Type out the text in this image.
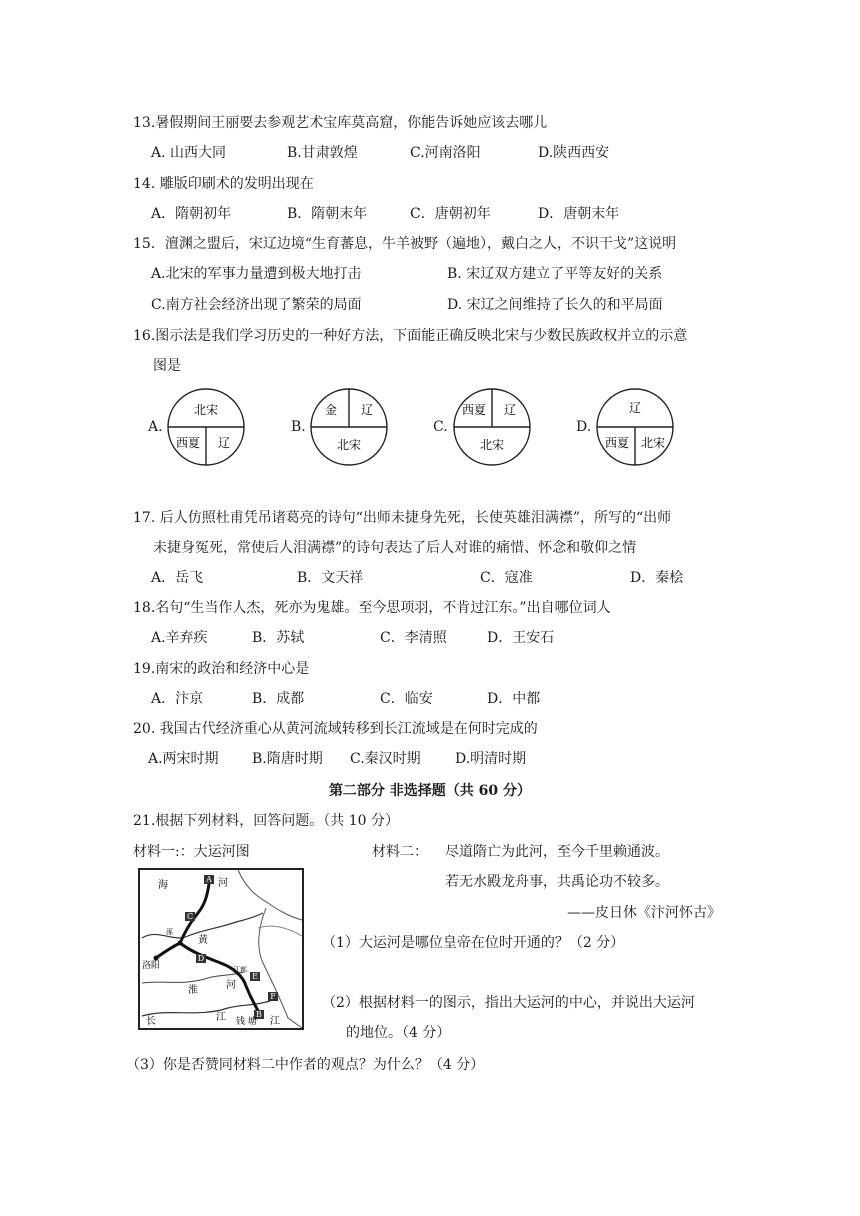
13.暑假期间王丽要去参观艺术宝库莫高窟，你能告诉她应该去哪儿
A. 山西大同	B.甘肃敦煌	C.河南洛阳	D.陕西西安
14. 雕版印刷术的发明出现在
A．隋朝初年	B．隋朝末年	C．唐朝初年	D．唐朝末年
15．澶渊之盟后，宋辽边境“生育蕃息，牛羊被野（遍地），戴白之人，不识干戈”这说明
A.北宋的军事力量遭到极大地打击	B. 宋辽双方建立了平等友好的关系
C.南方社会经济出现了繁荣的局面	D. 宋辽之间维持了长久的和平局面
16.图示法是我们学习历史的一种好方法，下面能正确反映北宋与少数民族政权并立的示意
图是
A.
北宋
西夏 辽
B.
金 辽
北宋
C.
西夏 辽
北宋
D.
辽
西夏 北宋
17. 后人仿照杜甫凭吊诸葛亮的诗句“出师未捷身先死，长使英雄泪满襟”，所写的“出师
未捷身冤死，常使后人泪满襟”的诗句表达了后人对谁的痛惜、怀念和敬仰之情
A．岳飞	B．文天祥	C．寇准	D．秦桧
18.名句“生当作人杰，死亦为鬼雄。至今思项羽，不肯过江东。”出自哪位词人
A.辛弃疾	B．苏轼	C．李清照	D．王安石
19.南宋的政治和经济中心是
A．汴京	B．成都	C．临安	D．中都
20. 我国古代经济重心从黄河流域转移到长江流域是在何时完成的
A.两宋时期 B.隋唐时期 C.秦汉时期 D.明清时期
第二部分 非选择题（共 60 分）
21.根据下列材料，回答问题。（共 10 分）
材料一:：大运河图	材料二： 尽道隋亡为此河，至今千里赖通波。
若无水殿龙舟事，共禹论功不较多。
——皮日休《汴河怀古》
A
C
D
E
F
B
海	河
涿
黄
洛阳	江都
河
淮
长	江 钱 塘 江
（1）大运河是哪位皇帝在位时开通的？（2 分）
（2）根据材料一的图示，指出大运河的中心，并说出大运河
的地位。（4 分）
（3）你是否赞同材料二中作者的观点？为什么？（4 分）
